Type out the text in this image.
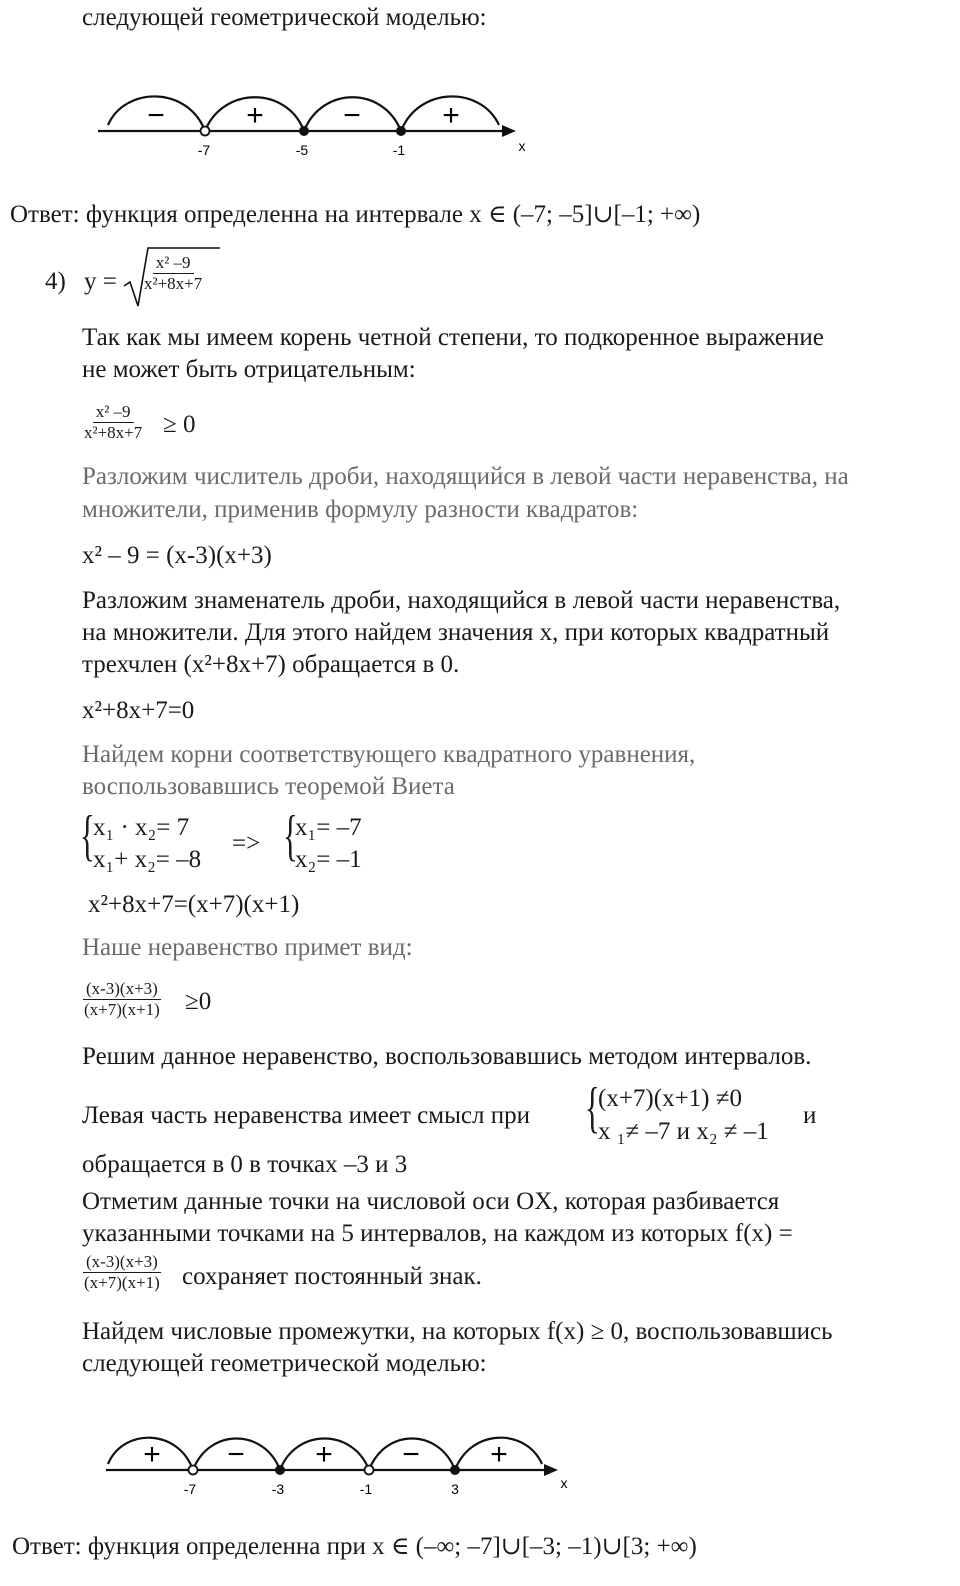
следующей геометрической моделью:
−	+	−	+
-7	-5	-1	x
Ответ: функция определенна на интервале x ∈ (–7; –5]∪[–1; +∞)
4) $y = \frac{\text{x² –9}}{\text{x²+8x+7}}$
Так как мы имеем корень четной степени, то подкоренное выражение
не может быть отрицательным:
$\frac{\text{x² –9}}{\text{x²+8x+7}} \ge 0$
Разложим числитель дроби, находящийся в левой части неравенства, на
множители, применив формулу разности квадратов:
x² – 9 = (x-3)(x+3)
Разложим знаменатель дроби, находящийся в левой части неравенства,
на множители. Для этого найдем значения x, при которых квадратный
трехчлен (x²+8x+7) обращается в 0.
x²+8x+7=0
Найдем корни соответствующего квадратного уравнения,
воспользовавшись теоремой Виета
{
x₁ · x₂= 7
x₁+ x₂= –8
=> {
x₁= –7
x₂= –1
x²+8x+7=(x+7)(x+1)
Наше неравенство примет вид:
$\frac{(x-3)(x+3)}{(x+7)(x+1)} \ge 0$
Решим данное неравенство, воспользовавшись методом интервалов.
Левая часть неравенства имеет смысл при {
(x+7)(x+1) ≠0
x ₁≠ –7 и x₂ ≠ –1
и
обращается в 0 в точках –3 и 3
Отметим данные точки на числовой оси OX, которая разбивается
указанными точками на 5 интервалов, на каждом из которых f(x) =
$\frac{(x-3)(x+3)}{(x+7)(x+1)}$ сохраняет постоянный знак.
Найдем числовые промежутки, на которых f(x) ≥ 0, воспользовавшись
следующей геометрической моделью:
+ − + − +
-7	-3	-1	3	x
Ответ: функция определенна при x ∈ (–∞; –7]∪[–3; –1)∪[3; +∞)
